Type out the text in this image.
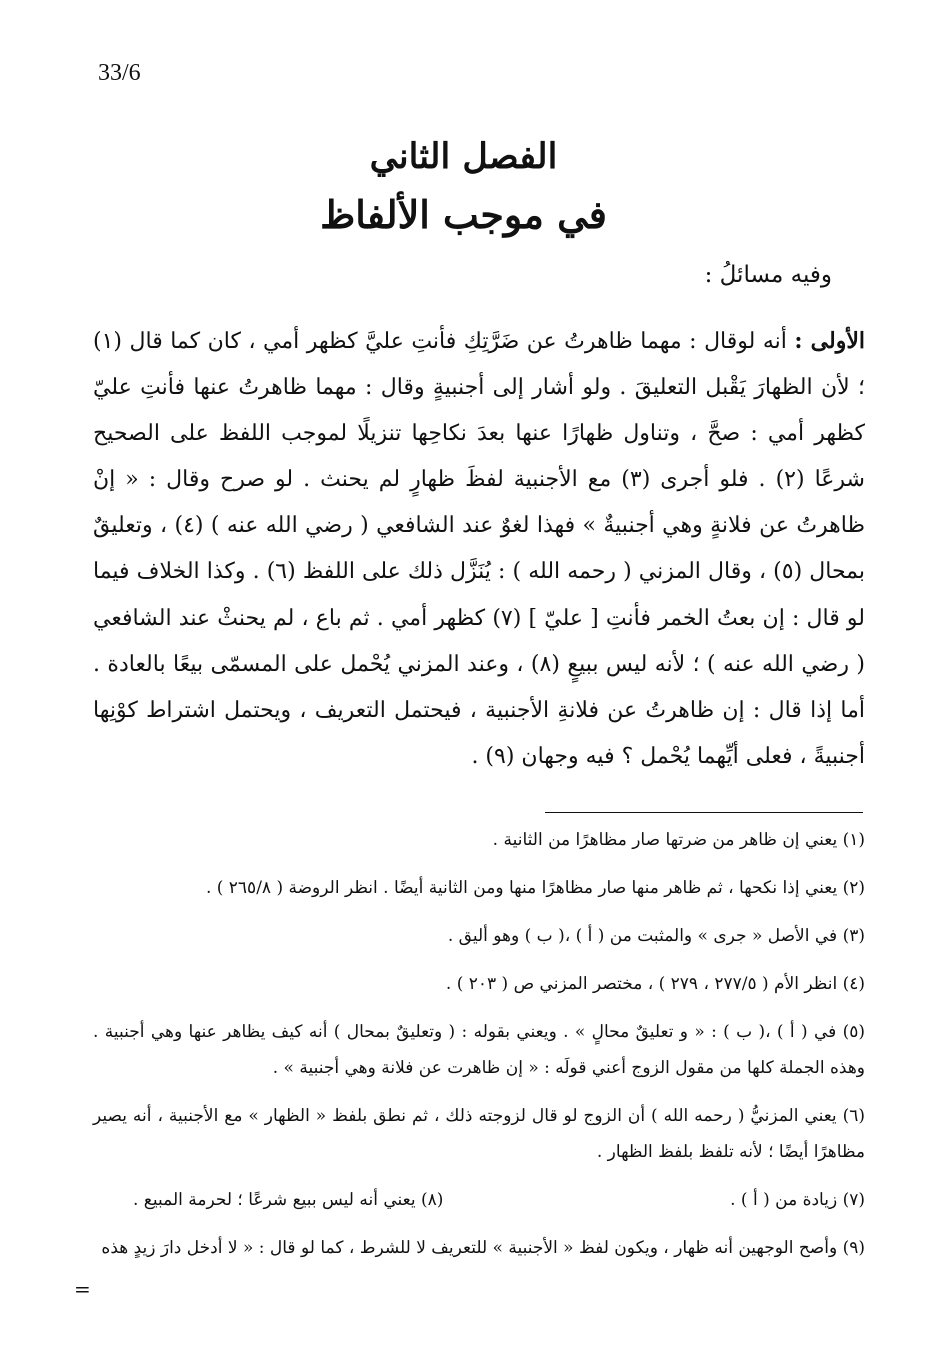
33/6
الفصل الثاني
في موجب الألفاظ
وفيه مسائلُ :
الأولى : أنه لوقال : مهما ظاهرتُ عن ضَرَّتِكِ فأنتِ عليَّ كظهر أمي ، كان كما قال (١) ؛ لأن الظهارَ يَقْبل التعليقَ . ولو أشار إلى أجنبيةٍ وقال : مهما ظاهرتُ عنها فأنتِ عليّ كظهر أمي : صحَّ ، وتناول ظهارًا عنها بعدَ نكاحِها تنزيلًا لموجب اللفظ على الصحيح شرعًا (٢) . فلو أجرى (٣) مع الأجنبية لفظَ ظهارٍ لم يحنث . لو صرح وقال : « إنْ ظاهرتُ عن فلانةٍ وهي أجنبيةٌ » فهذا لغوٌ عند الشافعي ( رضي الله عنه ) (٤) ، وتعليقٌ بمحال (٥) ، وقال المزني ( رحمه الله ) : يُنَزَّل ذلك على اللفظ (٦) . وكذا الخلاف فيما لو قال : إن بعتُ الخمر فأنتِ [ عليّ ] (٧) كظهر أمي . ثم باع ، لم يحنثْ عند الشافعي ( رضي الله عنه ) ؛ لأنه ليس ببيعٍ (٨) ، وعند المزني يُحْمل على المسمّى بيعًا بالعادة . أما إذا قال : إن ظاهرتُ عن فلانةِ الأجنبية ، فيحتمل التعريف ، ويحتمل اشتراط كوْنِها أجنبيةً ، فعلى أيِّهما يُحْمل ؟ فيه وجهان (٩) .
(١) يعني إن ظاهر من ضرتها صار مظاهرًا من الثانية .
(٢) يعني إذا نكحها ، ثم ظاهر منها صار مظاهرًا منها ومن الثانية أيضًا . انظر الروضة ( ٢٦٥/٨ ) .
(٣) في الأصل « جرى » والمثبت من ( أ ) ،( ب ) وهو أليق .
(٤) انظر الأم ( ٢٧٧/٥ ، ٢٧٩ ) ، مختصر المزني ص ( ٢٠٣ ) .
(٥) في ( أ ) ،( ب ) : « و تعليقٌ محالٍ » . ويعني بقوله : ( وتعليقٌ بمحال ) أنه كيف يظاهر عنها وهي أجنبية . وهذه الجملة كلها من مقول الزوج أعني قولَه : « إن ظاهرت عن فلانة وهي أجنبية » .
(٦) يعني المزنيُّ ( رحمه الله ) أن الزوج لو قال لزوجته ذلك ، ثم نطق بلفظ « الظهار » مع الأجنبية ، أنه يصير مظاهرًا أيضًا ؛ لأنه تلفظ بلفظ الظهار .
(٧) زيادة من ( أ ) .
(٨) يعني أنه ليس ببيع شرعًا ؛ لحرمة المبيع .
(٩) وأصح الوجهين أنه ظهار ، ويكون لفظ « الأجنبية » للتعريف لا للشرط ، كما لو قال : « لا أدخل دارَ زيدٍ هذه
=
